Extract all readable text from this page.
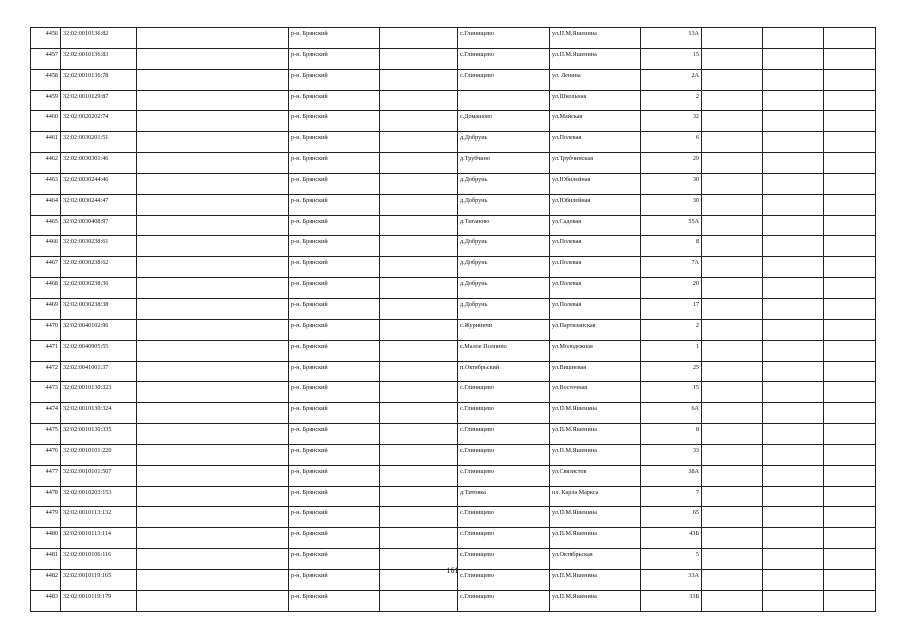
4456	32:02:0010136:82		р-н. Брянский		с.Глинищево	ул.П.М.Яшенина	13А			
4457	32:02:0010136:83		р-н. Брянский		с.Глинищево	ул.П.М.Яшенина	15			
4458	32:02:0010136:78		р-н. Брянский		с.Глинищево	ул. Ленина	2А			
4459	32:02:0010129:87		р-н. Брянский			ул.Школьная	2			
4460	32:02:0020202:74		р-н. Брянский		с.Домашово	ул.Майская	32			
4461	32:02:0030201:51		р-н. Брянский		д.Добрунь	ул.Полевая	6			
4462	32:02:0030301:46		р-н. Брянский		д.Трубчино	ул.Трубчинская	29			
4463	32:02:0030244:46		р-н. Брянский		д.Добрунь	ул.Юбилейная	30			
4464	32:02:0030244:47		р-н. Брянский		д.Добрунь	ул.Юбилейная	30			
4465	32:02:0030408:97		р-н. Брянский		д.Тиганово	ул.Садовая	55А			
4466	32:02:0030238:61		р-н. Брянский		д.Добрунь	ул.Полевая	8			
4467	32:02:0030238:62		р-н. Брянский		д.Добрунь	ул.Полевая	7А			
4468	32:02:0030238:36		р-н. Брянский		д.Добрунь	ул.Полевая	20			
4469	32:02:0030238:38		р-н. Брянский		д.Добрунь	ул.Полевая	17			
4470	32:02:0040102:96		р-н. Брянский		с.Журиничи	ул.Партизанская	2			
4471	32:02:0040905:55		р-н. Брянский		с.Малое Полпино	ул.Молодежная	1			
4472	32:02:0041001:37		р-н. Брянский		п.Октябрьский	ул.Вишневая	25			
4473	32:02:0010130:323		р-н. Брянский		с.Глинищево	ул.Восточная	15			
4474	32:02:0010130:324		р-н. Брянский		с.Глинищево	ул.П.М.Яшенина	6А			
4475	32:02:0010130:335		р-н. Брянский		с.Глинищево	ул.П.М.Яшенина	8			
4476	32:02:0010101:220		р-н. Брянский		с.Глинищево	ул.П.М.Яшенина	33			
4477	32:02:0010101:507		р-н. Брянский		с.Глинищево	ул.Связистов	38А			
4478	32:02:0010203:153		р-н. Брянский		д.Титовка	пл. Карла Маркса	7			
4479	32:02:0010113:132		р-н. Брянский		с.Глинищево	ул.П.М.Яшенина	65			
4480	32:02:0010113:114		р-н. Брянский		с.Глинищево	ул.П.М.Яшенина	43Б			
4481	32:02:0010106:116		р-н. Брянский		с.Глинищево	ул.Октябрьская	5			
4482	32:02:0010119:165		р-н. Брянский		с.Глинищево	ул.П.М.Яшенина	33А			
4483	32:02:0010119:179		р-н. Брянский		с.Глинищево	ул.П.М.Яшенина	33Б			
161
